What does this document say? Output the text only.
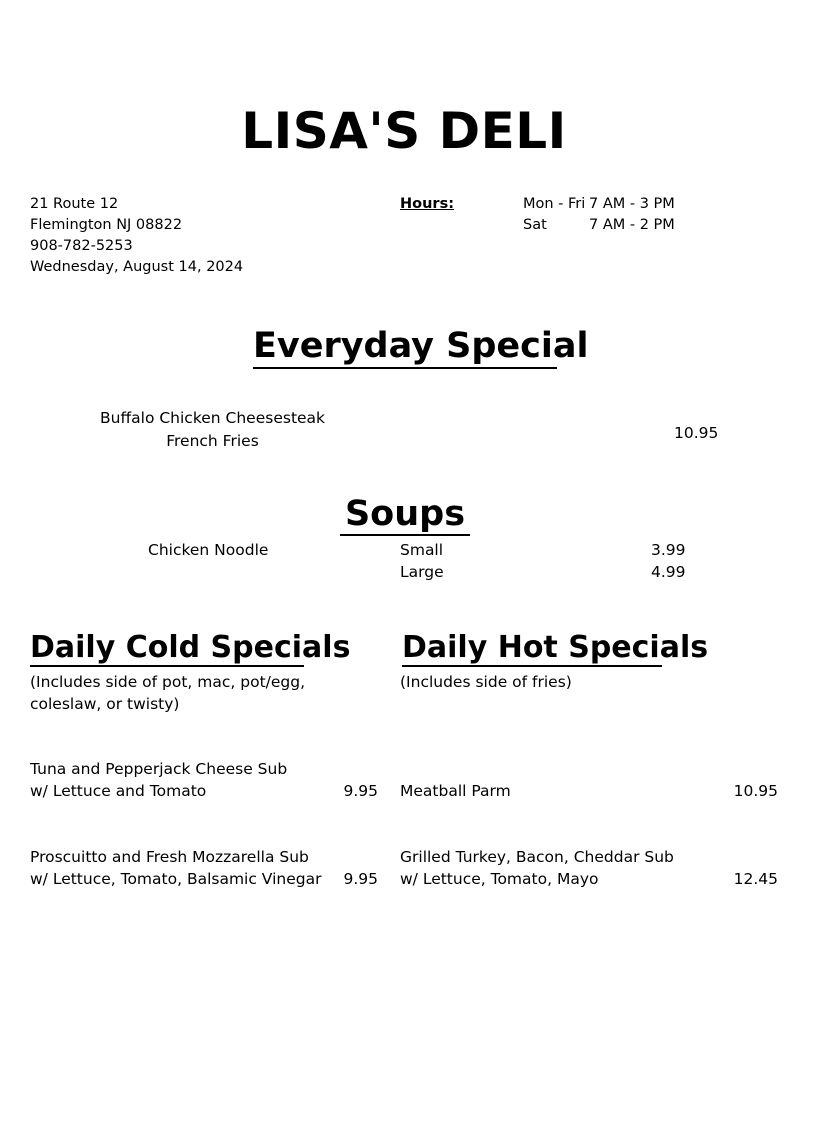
LISA'S DELI
21 Route 12
Flemington NJ 08822
908-782-5253
Wednesday, August 14, 2024
Hours:	Mon - Fri 7 AM - 3 PM
Sat	7 AM - 2 PM
Everyday Special
Buffalo Chicken Cheesesteak
French Fries	10.95
Soups
Chicken Noodle	Small	3.99
Large	4.99
Daily Cold Specials
(Includes side of pot, mac, pot/egg,
coleslaw, or twisty)
Tuna and Pepperjack Cheese Sub
w/ Lettuce and Tomato	9.95
Proscuitto and Fresh Mozzarella Sub
w/ Lettuce, Tomato, Balsamic Vinegar	9.95
Daily Hot Specials
(Includes side of fries)
Meatball Parm	10.95
Grilled Turkey, Bacon, Cheddar Sub
w/ Lettuce, Tomato, Mayo	12.45
